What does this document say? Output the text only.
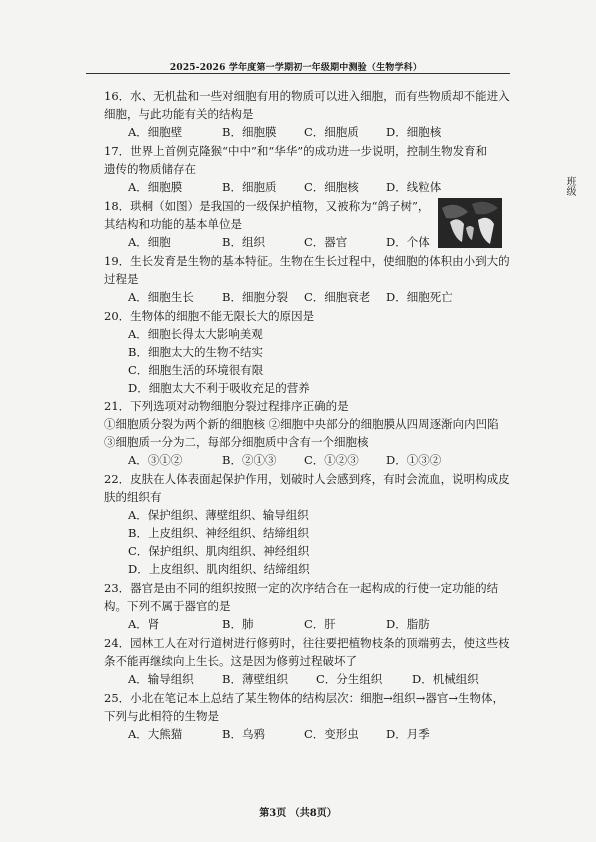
2025-2026 学年度第一学期初一年级期中测验（生物学科）
班级
16．水、无机盐和一些对细胞有用的物质可以进入细胞，而有些物质却不能进入
细胞，与此功能有关的结构是
A．细胞壁	B．细胞膜 C．细胞质 D．细胞核
17．世界上首例克隆猴“中中”和“华华”的成功进一步说明，控制生物发育和
遗传的物质储存在
A．细胞膜	B．细胞质 C．细胞核 D．线粒体
18．珙桐（如图）是我国的一级保护植物，又被称为“鸽子树”，
其结构和功能的基本单位是
A．细胞	B．组织	C．器官	D．个体
19．生长发育是生物的基本特征。生物在生长过程中，使细胞的体积由小到大的
过程是
A．细胞生长 B．细胞分裂 C．细胞衰老 D．细胞死亡
20．生物体的细胞不能无限长大的原因是
A．细胞长得太大影响美观
B．细胞太大的生物不结实
C．细胞生活的环境很有限
D．细胞太大不利于吸收充足的营养
21．下列选项对动物细胞分裂过程排序正确的是
①细胞质分裂为两个新的细胞核 ②细胞中央部分的细胞膜从四周逐渐向内凹陷
③细胞质一分为二，每部分细胞质中含有一个细胞核
A．③①②	B．②①③ C．①②③ D．①③②
22．皮肤在人体表面起保护作用，划破时人会感到疼，有时会流血，说明构成皮
肤的组织有
A．保护组织、薄壁组织、输导组织
B．上皮组织、神经组织、结缔组织
C．保护组织、肌肉组织、神经组织
D．上皮组织、肌肉组织、结缔组织
23．器官是由不同的组织按照一定的次序结合在一起构成的行使一定功能的结
构。下列不属于器官的是
A．肾	B．肺	C．肝	D．脂肪
24．园林工人在对行道树进行修剪时，往往要把植物枝条的顶端剪去，使这些枝
条不能再继续向上生长。这是因为修剪过程破坏了
A．输导组织 B．薄壁组织 C．分生组织	D．机械组织
25．小北在笔记本上总结了某生物体的结构层次：细胞→组织→器官→生物体，
下列与此相符的生物是
A．大熊猫	B．乌鸦	C．变形虫 D．月季
第3页 （共8页）
